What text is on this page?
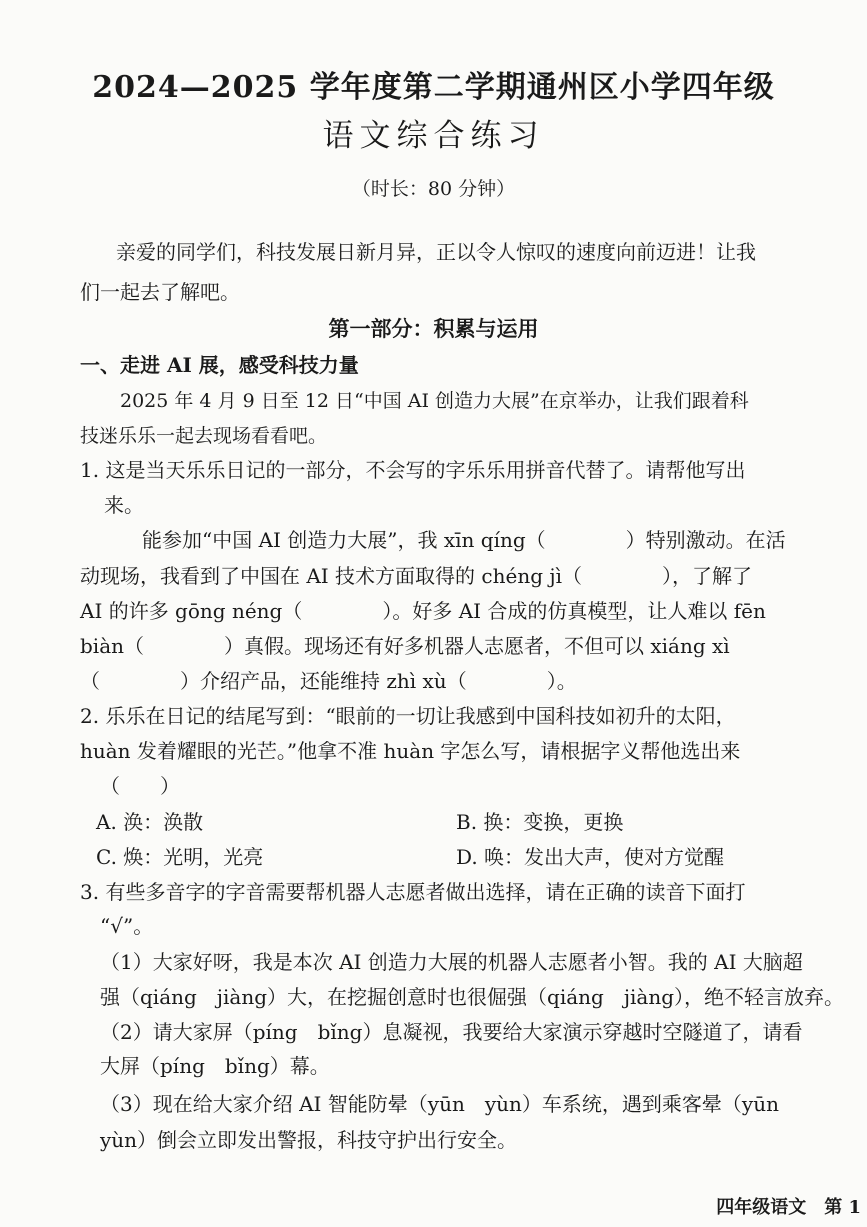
2024—2025 学年度第二学期通州区小学四年级
语文综合练习
（时长：80 分钟）
亲爱的同学们，科技发展日新月异，正以令人惊叹的速度向前迈进！让我
们一起去了解吧。
第一部分：积累与运用
一、走进 AI 展，感受科技力量
2025 年 4 月 9 日至 12 日“中国 AI 创造力大展”在京举办，让我们跟着科
技迷乐乐一起去现场看看吧。
1. 这是当天乐乐日记的一部分，不会写的字乐乐用拼音代替了。请帮他写出
来。
能参加“中国 AI 创造力大展”，我 xīn qíng（　　　　）特别激动。在活
动现场，我看到了中国在 AI 技术方面取得的 chéng jì（　　　　），了解了
AI 的许多 gōng néng（　　　　）。好多 AI 合成的仿真模型，让人难以 fēn
biàn（　　　　）真假。现场还有好多机器人志愿者，不但可以 xiáng xì
（　　　　）介绍产品，还能维持 zhì xù（　　　　）。
2. 乐乐在日记的结尾写到：“眼前的一切让我感到中国科技如初升的太阳，
huàn 发着耀眼的光芒。”他拿不准 huàn 字怎么写，请根据字义帮他选出来
（　　）
A. 涣：涣散	B. 换：变换，更换
C. 焕：光明，光亮	D. 唤：发出大声，使对方觉醒
3. 有些多音字的字音需要帮机器人志愿者做出选择，请在正确的读音下面打
“√”。
（1）大家好呀，我是本次 AI 创造力大展的机器人志愿者小智。我的 AI 大脑超
强（qiáng　jiàng）大，在挖掘创意时也很倔强（qiáng　jiàng），绝不轻言放弃。
（2）请大家屏（píng　bǐng）息凝视，我要给大家演示穿越时空隧道了，请看
大屏（píng　bǐng）幕。
（3）现在给大家介绍 AI 智能防晕（yūn　yùn）车系统，遇到乘客晕（yūn
yùn）倒会立即发出警报，科技守护出行安全。
四年级语文　第 1
